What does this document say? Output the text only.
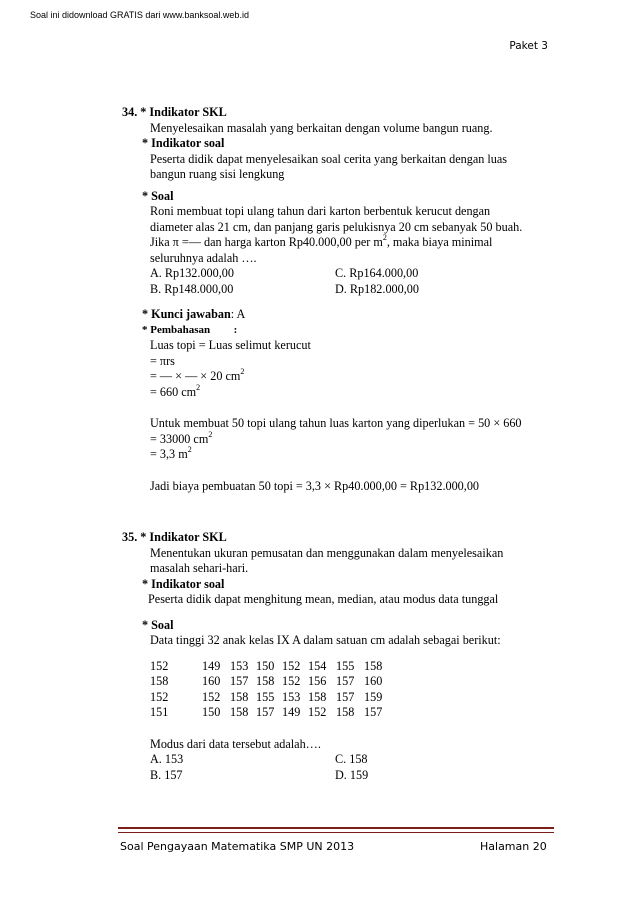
Soal ini didownload GRATIS dari www.banksoal.web.id
Paket 3
34. * Indikator SKL
Menyelesaikan masalah yang berkaitan dengan volume bangun ruang.
* Indikator soal
Peserta didik dapat menyelesaikan soal cerita yang berkaitan dengan luas
bangun ruang sisi lengkung
* Soal
Roni membuat topi ulang tahun dari karton berbentuk kerucut dengan
diameter alas 21 cm, dan panjang garis pelukisnya 20 cm sebanyak 50 buah.
Jika π =— dan harga karton Rp40.000,00 per $m^2$, maka biaya minimal
seluruhnya adalah ….
A. Rp132.000,00	C. Rp164.000,00
B. Rp148.000,00	D. Rp182.000,00
* Kunci jawaban: A
* Pembahasan :
Luas topi = Luas selimut kerucut
= πrs
= — × — × 20 $cm^2$
= 660 $cm^2$
Untuk membuat 50 topi ulang tahun luas karton yang diperlukan = 50 × 660
= 33000 $cm^2$
= 3,3 $m^2$
Jadi biaya pembuatan 50 topi = 3,3 × Rp40.000,00 = Rp132.000,00
35. * Indikator SKL
Menentukan ukuran pemusatan dan menggunakan dalam menyelesaikan
masalah sehari-hari.
* Indikator soal
Peserta didik dapat menghitung mean, median, atau modus data tunggal
* Soal
Data tinggi 32 anak kelas IX A dalam satuan cm adalah sebagai berikut:
152	149 153 150 152 154 155 158
158	160 157 158 152 156 157 160
152	152 158 155 153 158 157 159
151	150 158 157 149 152 158 157
Modus dari data tersebut adalah….
A. 153	C. 158
B. 157	D. 159
Soal Pengayaan Matematika SMP UN 2013	Halaman 20
